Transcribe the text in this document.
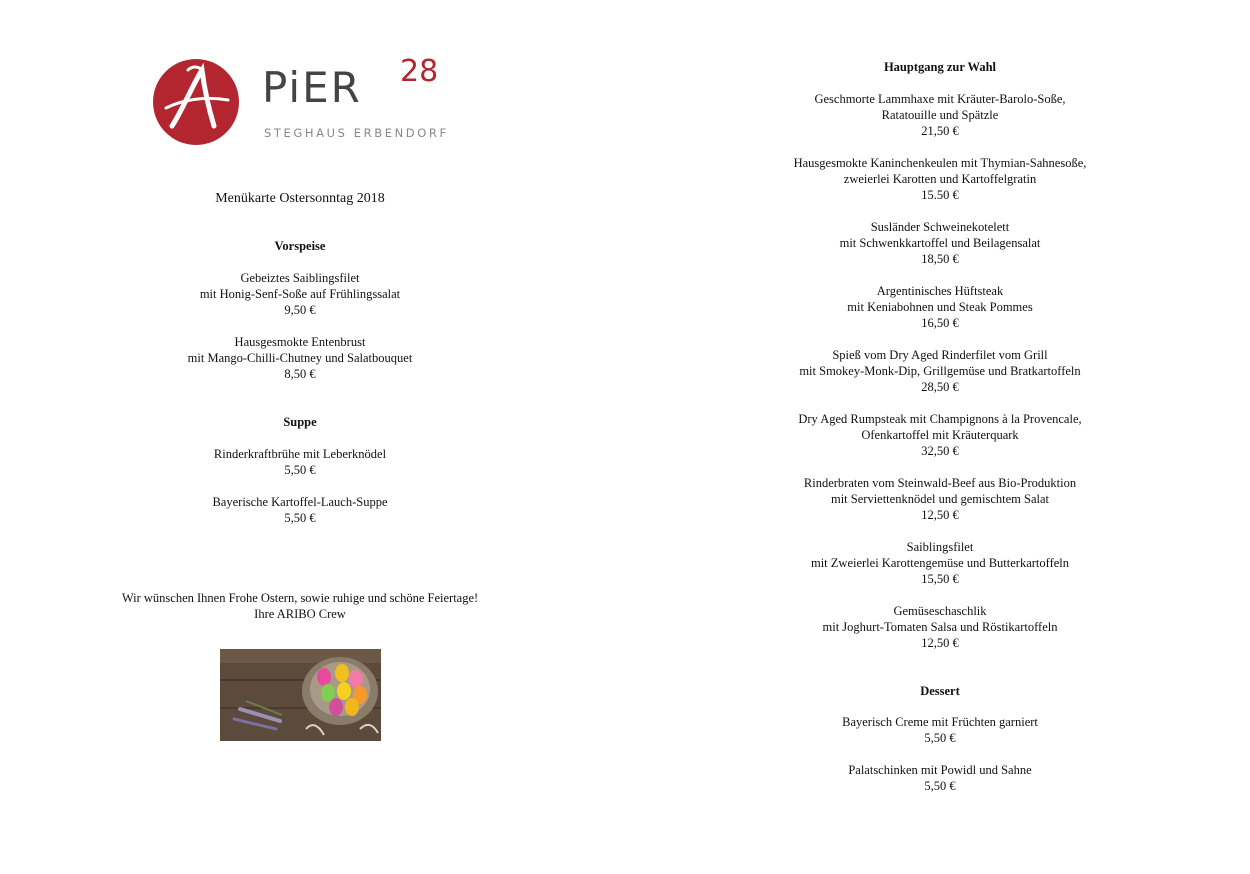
PiER 28
STEGHAUS ERBENDORF
Menükarte Ostersonntag 2018
Vorspeise
Gebeiztes Saiblingsfilet
mit Honig-Senf-Soße auf Frühlingssalat
9,50 €
Hausgesmokte Entenbrust
mit Mango-Chilli-Chutney und Salatbouquet
8,50 €
Suppe
Rinderkraftbrühe mit Leberknödel
5,50 €
Bayerische Kartoffel-Lauch-Suppe
5,50 €
Wir wünschen Ihnen Frohe Ostern, sowie ruhige und schöne Feiertage!
Ihre ARIBO Crew
Hauptgang zur Wahl
Geschmorte Lammhaxe mit Kräuter-Barolo-Soße,
Ratatouille und Spätzle
21,50 €
Hausgesmokte Kaninchenkeulen mit Thymian-Sahnesoße,
zweierlei Karotten und Kartoffelgratin
15.50 €
Susländer Schweinekotelett
mit Schwenkkartoffel und Beilagensalat
18,50 €
Argentinisches Hüftsteak
mit Keniabohnen und Steak Pommes
16,50 €
Spieß vom Dry Aged Rinderfilet vom Grill
mit Smokey-Monk-Dip, Grillgemüse und Bratkartoffeln
28,50 €
Dry Aged Rumpsteak mit Champignons à la Provencale,
Ofenkartoffel mit Kräuterquark
32,50 €
Rinderbraten vom Steinwald-Beef aus Bio-Produktion
mit Serviettenknödel und gemischtem Salat
12,50 €
Saiblingsfilet
mit Zweierlei Karottengemüse und Butterkartoffeln
15,50 €
Gemüseschaschlik
mit Joghurt-Tomaten Salsa und Röstikartoffeln
12,50 €
Dessert
Bayerisch Creme mit Früchten garniert
5,50 €
Palatschinken mit Powidl und Sahne
5,50 €
